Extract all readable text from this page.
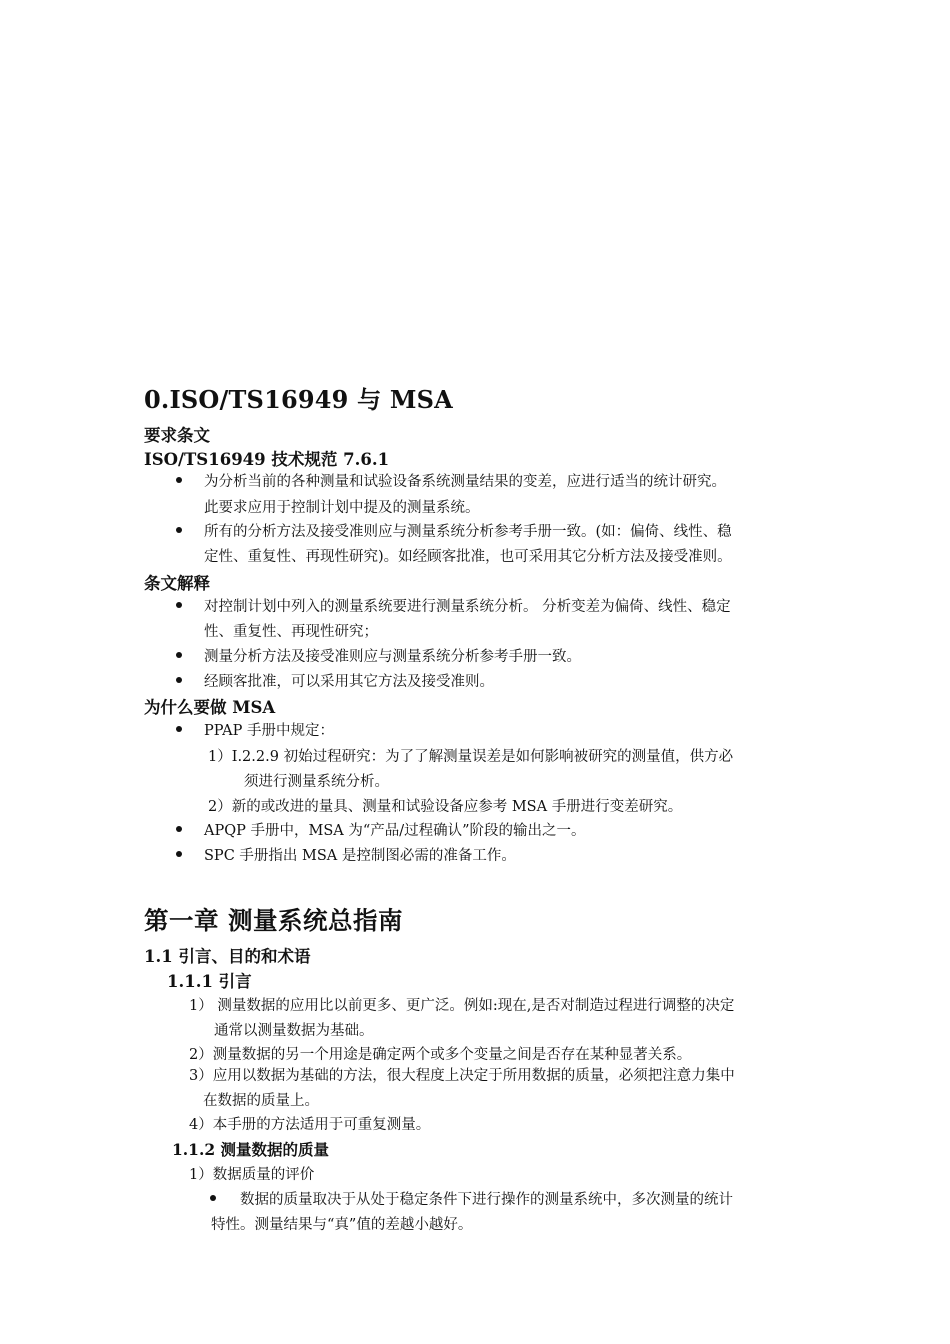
0.ISO/TS16949 与 MSA
要求条文
ISO/TS16949 技术规范 7.6.1
为分析当前的各种测量和试验设备系统测量结果的变差，应进行适当的统计研究。
此要求应用于控制计划中提及的测量系统。
所有的分析方法及接受准则应与测量系统分析参考手册一致。(如：偏倚、线性、稳
定性、重复性、再现性研究)。如经顾客批准，也可采用其它分析方法及接受准则。
条文解释
对控制计划中列入的测量系统要进行测量系统分析。 分析变差为偏倚、线性、稳定
性、重复性、再现性研究；
测量分析方法及接受准则应与测量系统分析参考手册一致。
经顾客批准，可以采用其它方法及接受准则。
为什么要做 MSA
PPAP 手册中规定：
1）I.2.2.9 初始过程研究：为了了解测量误差是如何影响被研究的测量值，供方必
须进行测量系统分析。
2）新的或改进的量具、测量和试验设备应参考 MSA 手册进行变差研究。
APQP 手册中，MSA 为“产品/过程确认”阶段的输出之一。
SPC 手册指出 MSA 是控制图必需的准备工作。
第一章 测量系统总指南
1.1 引言、目的和术语
1.1.1 引言
1） 测量数据的应用比以前更多、更广泛。例如:现在,是否对制造过程进行调整的决定
通常以测量数据为基础。
2）测量数据的另一个用途是确定两个或多个变量之间是否存在某种显著关系。
3）应用以数据为基础的方法，很大程度上决定于所用数据的质量，必须把注意力集中
在数据的质量上。
4）本手册的方法适用于可重复测量。
1.1.2 测量数据的质量
1）数据质量的评价
数据的质量取决于从处于稳定条件下进行操作的测量系统中，多次测量的统计
特性。测量结果与“真”值的差越小越好。
